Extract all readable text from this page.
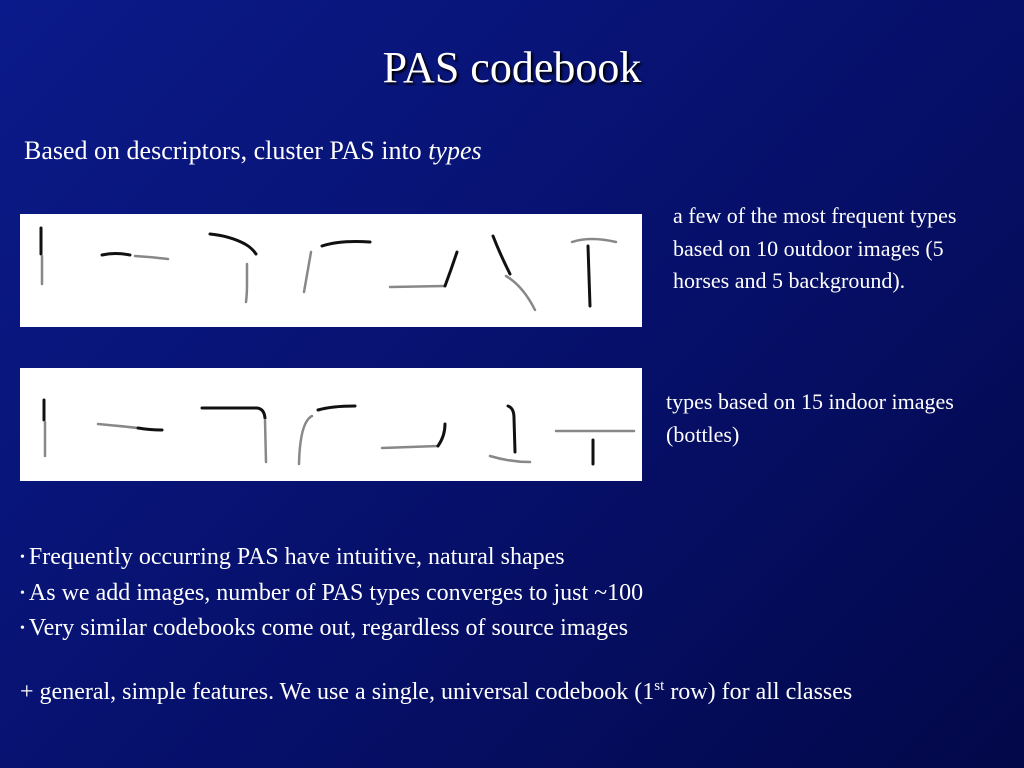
PAS codebook
Based on descriptors, cluster PAS into types
a few of the most frequent types based on 10 outdoor images (5 horses and 5 background).
types based on 15 indoor images (bottles)
• Frequently occurring PAS have intuitive, natural shapes
• As we add images, number of PAS types converges to just ~100
• Very similar codebooks come out, regardless of source images
+ general, simple features. We use a single, universal codebook (1st row) for all classes
